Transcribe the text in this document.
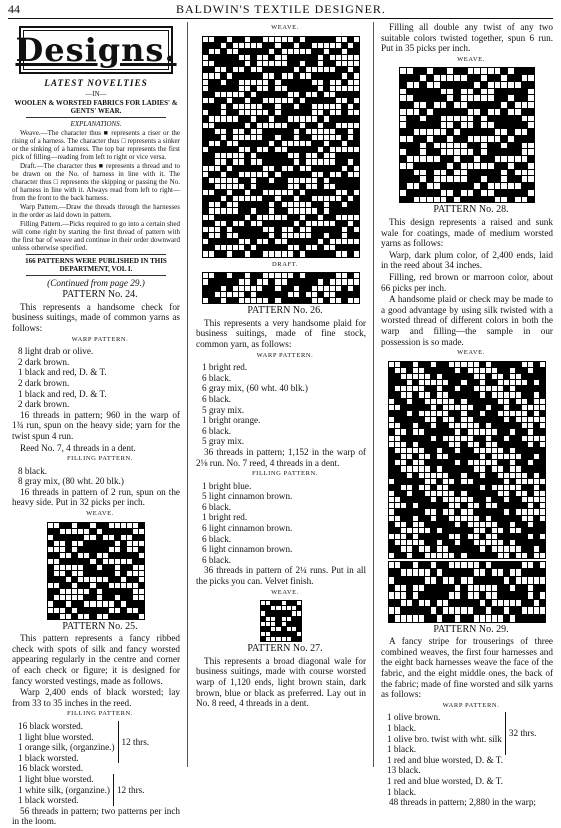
44	BALDWIN'S TEXTILE DESIGNER.
Designs.

LATEST NOVELTIES

—IN—

WOOLEN & WORSTED FABRICS FOR LADIES' & GENTS' WEAR.

EXPLANATIONS.

Weave.—The character thus ■ represents a riser or the rising of a harness. The character thus □ represents a sinker or the sinking of a harness. The top bar represents the first pick of filling—reading from left to right or vice versa.

Draft.—The character thus ■ represents a thread and to be drawn on the No. of harness in line with it. The character thus □ represents the skipping or passing the No. of harness in line with it. Always read from left to right—from the front to the back harness.

Warp Pattern.—Draw the threads through the harnesses in the order as laid down in pattern.

Filling Pattern.—Picks required to go into a certain shed will come right by starting the first thread of pattern with the first bar of weave and continue in their order downward unless otherwise specified.

166 PATTERNS WERE PUBLISHED IN THIS DEPARTMENT, VOL I.

(Continued from page 29.)

PATTERN No. 24.

This represents a handsome check for business suitings, made of common yarns as follows:

WARP PATTERN.

8 light drab or olive.
2 dark brown.
1 black and red, D. & T.
2 dark brown.
1 black and red, D. & T.
2 dark brown.

16 threads in pattern; 960 in the warp of 1¾ run, spun on the heavy side; yarn for the twist spun 4 run.

Reed No. 7, 4 threads in a dent.

FILLING PATTERN.

8 black.
8 gray mix, (80 wht. 20 blk.)

16 threads in pattern of 2 run, spun on the heavy side. Put in 32 picks per inch.

WEAVE.

PATTERN No. 25.

This pattern represents a fancy ribbed check with spots of silk and fancy worsted appearing regularly in the centre and corner of each check or figure; it is designed for fancy worsted vestings, made as follows.

Warp 2,400 ends of black worsted; lay from 33 to 35 inches in the reed.

FILLING PATTERN.

16 black worsted.
1 light blue worsted.
1 orange silk, (organzine.)
1 black worsted.
12 thrs.
16 black worsted.
1 light blue worsted.
1 white silk, (organzine.)
1 black worsted.
12 thrs.

56 threads in pattern; two patterns per inch in the loom.

WEAVE.

DRAFT.

PATTERN No. 26.

This represents a very handsome plaid for business suitings, made of fine stock, common yarn, as follows:

WARP PATTERN.

1 bright red.
6 black.
6 gray mix, (60 wht. 40 blk.)
6 black.
5 gray mix.
1 bright orange.
6 black.
5 gray mix.

36 threads in pattern; 1,152 in the warp of 2⅛ run. No. 7 reed, 4 threads in a dent.

FILLING PATTERN.

1 bright blue.
5 light cinnamon brown.
6 black.
1 bright red.
6 light cinnamon brown.
6 black.
6 light cinnamon brown.
6 black.

36 threads in pattern of 2¼ runs. Put in all the picks you can. Velvet finish.

WEAVE.

PATTERN No. 27.

This represents a broad diagonal wale for business suitings, made with course worsted warp of 1,120 ends, light brown stain, dark brown, blue or black as preferred. Lay out in No. 8 reed, 4 threads in a dent.

Filling all double any twist of any two suitable colors twisted together, spun 6 run. Put in 35 picks per inch.

WEAVE.

PATTERN No. 28.

This design represents a raised and sunk wale for coatings, made of medium worsted yarns as follows:

Warp, dark plum color, of 2,400 ends, laid in the reed about 34 inches.

Filling, red brown or marroon color, about 66 picks per inch.

A handsome plaid or check may be made to a good advantage by using silk twisted with a worsted thread of different colors in both the warp and filling—the sample in our possession is so made.

WEAVE.

PATTERN No. 29.

A fancy stripe for trouserings of three combined weaves, the first four harnesses and the eight back harnesses weave the face of the fabric, and the eight middle ones, the back of the fabric; made of fine worsted and silk yarns as follows:

WARP PATTERN.

1 olive brown.
1 black.
1 olive bro. twist with wht. silk
1 black.
32 thrs.
1 red and blue worsted, D. & T.
13 black.
1 red and blue worsted, D. & T.
1 black.

48 threads in pattern; 2,880 in the warp;
